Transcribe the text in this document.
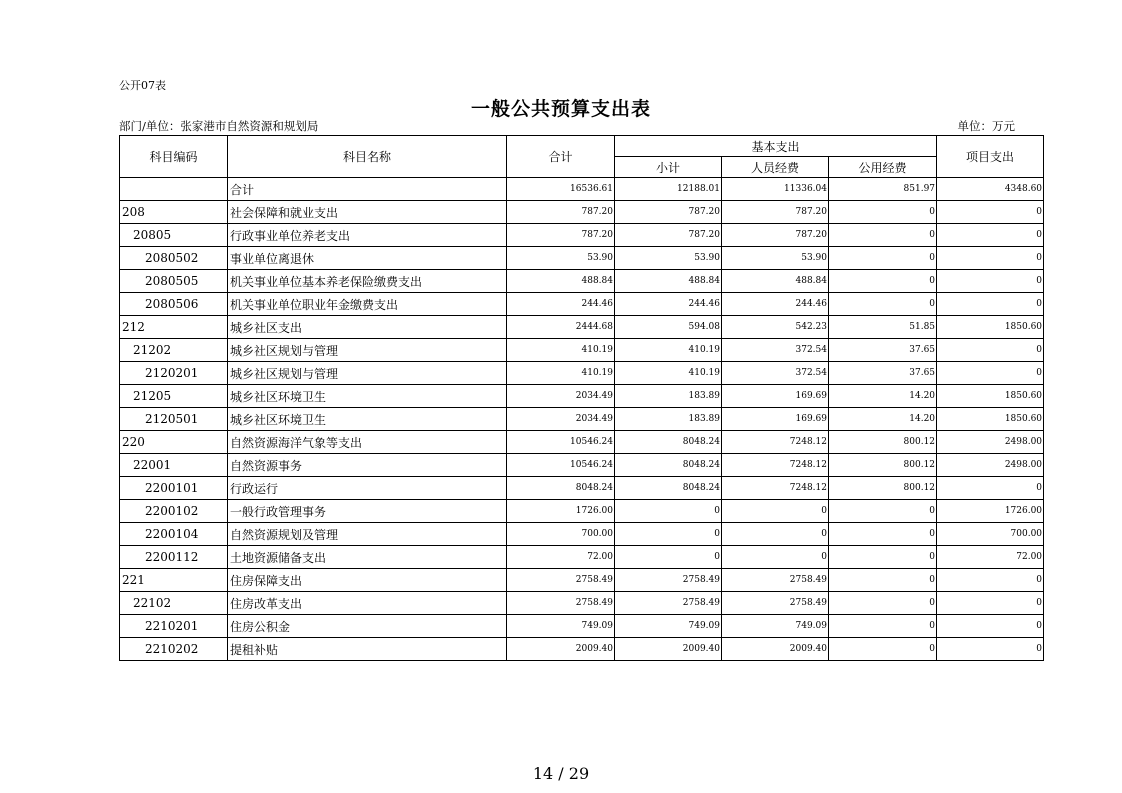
公开07表
一般公共预算支出表
部门/单位：张家港市自然资源和规划局	单位：万元
科目编码	科目名称	合计	基本支出			项目支出
			小计	人员经费	公用经费	
	合计	16536.61	12188.01	11336.04	851.97	4348.60
208	社会保障和就业支出	787.20	787.20	787.20	0	0
20805	行政事业单位养老支出	787.20	787.20	787.20	0	0
2080502	事业单位离退休	53.90	53.90	53.90	0	0
2080505	机关事业单位基本养老保险缴费支出	488.84	488.84	488.84	0	0
2080506	机关事业单位职业年金缴费支出	244.46	244.46	244.46	0	0
212	城乡社区支出	2444.68	594.08	542.23	51.85	1850.60
21202	城乡社区规划与管理	410.19	410.19	372.54	37.65	0
2120201	城乡社区规划与管理	410.19	410.19	372.54	37.65	0
21205	城乡社区环境卫生	2034.49	183.89	169.69	14.20	1850.60
2120501	城乡社区环境卫生	2034.49	183.89	169.69	14.20	1850.60
220	自然资源海洋气象等支出	10546.24	8048.24	7248.12	800.12	2498.00
22001	自然资源事务	10546.24	8048.24	7248.12	800.12	2498.00
2200101	行政运行	8048.24	8048.24	7248.12	800.12	0
2200102	一般行政管理事务	1726.00	0	0	0	1726.00
2200104	自然资源规划及管理	700.00	0	0	0	700.00
2200112	土地资源储备支出	72.00	0	0	0	72.00
221	住房保障支出	2758.49	2758.49	2758.49	0	0
22102	住房改革支出	2758.49	2758.49	2758.49	0	0
2210201	住房公积金	749.09	749.09	749.09	0	0
2210202	提租补贴	2009.40	2009.40	2009.40	0	0
14 / 29
